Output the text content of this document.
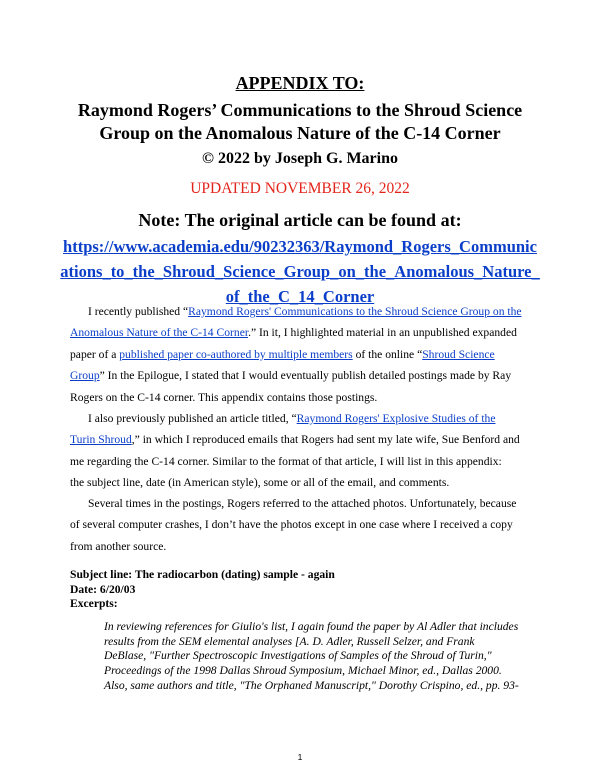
APPENDIX TO:
Raymond Rogers’ Communications to the Shroud Science
Group on the Anomalous Nature of the C-14 Corner
© 2022 by Joseph G. Marino
UPDATED NOVEMBER 26, 2022
Note: The original article can be found at:
https://www.academia.edu/90232363/Raymond_Rogers_Communic
ations_to_the_Shroud_Science_Group_on_the_Anomalous_Nature_
of_the_C_14_Corner
I recently published “Raymond Rogers' Communications to the Shroud Science Group on the
Anomalous Nature of the C-14 Corner.” In it, I highlighted material in an unpublished expanded
paper of a published paper co-authored by multiple members of the online “Shroud Science
Group” In the Epilogue, I stated that I would eventually publish detailed postings made by Ray
Rogers on the C-14 corner. This appendix contains those postings.
I also previously published an article titled, “Raymond Rogers' Explosive Studies of the
Turin Shroud,” in which I reproduced emails that Rogers had sent my late wife, Sue Benford and
me regarding the C-14 corner. Similar to the format of that article, I will list in this appendix:
the subject line, date (in American style), some or all of the email, and comments.
Several times in the postings, Rogers referred to the attached photos. Unfortunately, because
of several computer crashes, I don’t have the photos except in one case where I received a copy
from another source.
Subject line: The radiocarbon (dating) sample - again
Date: 6/20/03
Excerpts:
In reviewing references for Giulio's list, I again found the paper by Al Adler that includes
results from the SEM elemental analyses [A. D. Adler, Russell Selzer, and Frank
DeBlase, "Further Spectroscopic Investigations of Samples of the Shroud of Turin,"
Proceedings of the 1998 Dallas Shroud Symposium, Michael Minor, ed., Dallas 2000.
Also, same authors and title, "The Orphaned Manuscript," Dorothy Crispino, ed., pp. 93-
1
